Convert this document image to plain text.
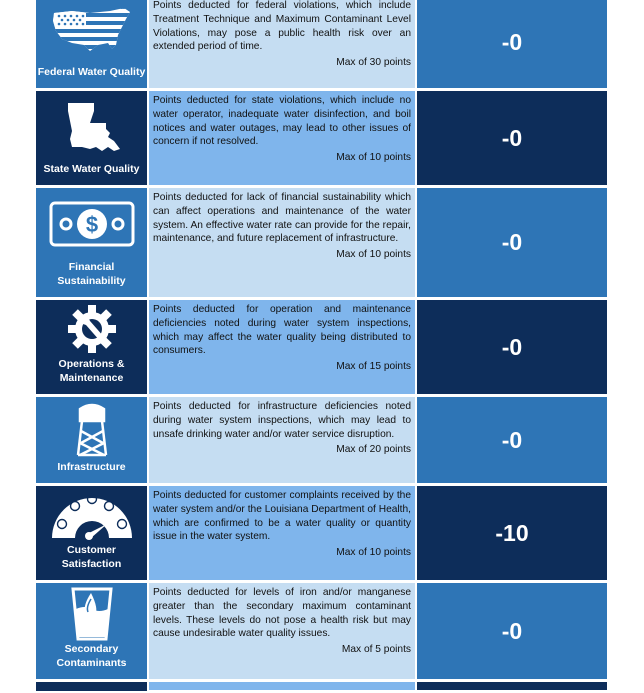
Federal Water Quality
Points deducted for federal violations, which include Treatment Technique and Maximum Contaminant Level Violations, may pose a public health risk over an extended period of time.
Max of 30 points
-0
State Water Quality
Points deducted for state violations, which include no water operator, inadequate water disinfection, and boil notices and water outages, may lead to other issues of concern if not resolved.
Max of 10 points
-0
$
Financial Sustainability
Points deducted for lack of financial sustainability which can affect operations and maintenance of the water system. An effective water rate can provide for the repair, maintenance, and future replacement of infrastructure.
Max of 10 points	-0
Operations & Maintenance
Points deducted for operation and maintenance deficiencies noted during water system inspections, which may affect the water quality being distributed to consumers.
Max of 15 points
-0
Infrastructure
Points deducted for infrastructure deficiencies noted during water system inspections, which may lead to unsafe drinking water and/or water service disruption.
Max of 20 points	-0
Customer Satisfaction
Points deducted for customer complaints received by the water system and/or the Louisiana Department of Health, which are confirmed to be a water quality or quantity issue in the water system.
Max of 10 points
-10
Secondary Contaminants
Points deducted for levels of iron and/or manganese greater than the secondary maximum contaminant levels. These levels do not pose a health risk but may cause undesirable water quality issues.
Max of 5 points
-0
